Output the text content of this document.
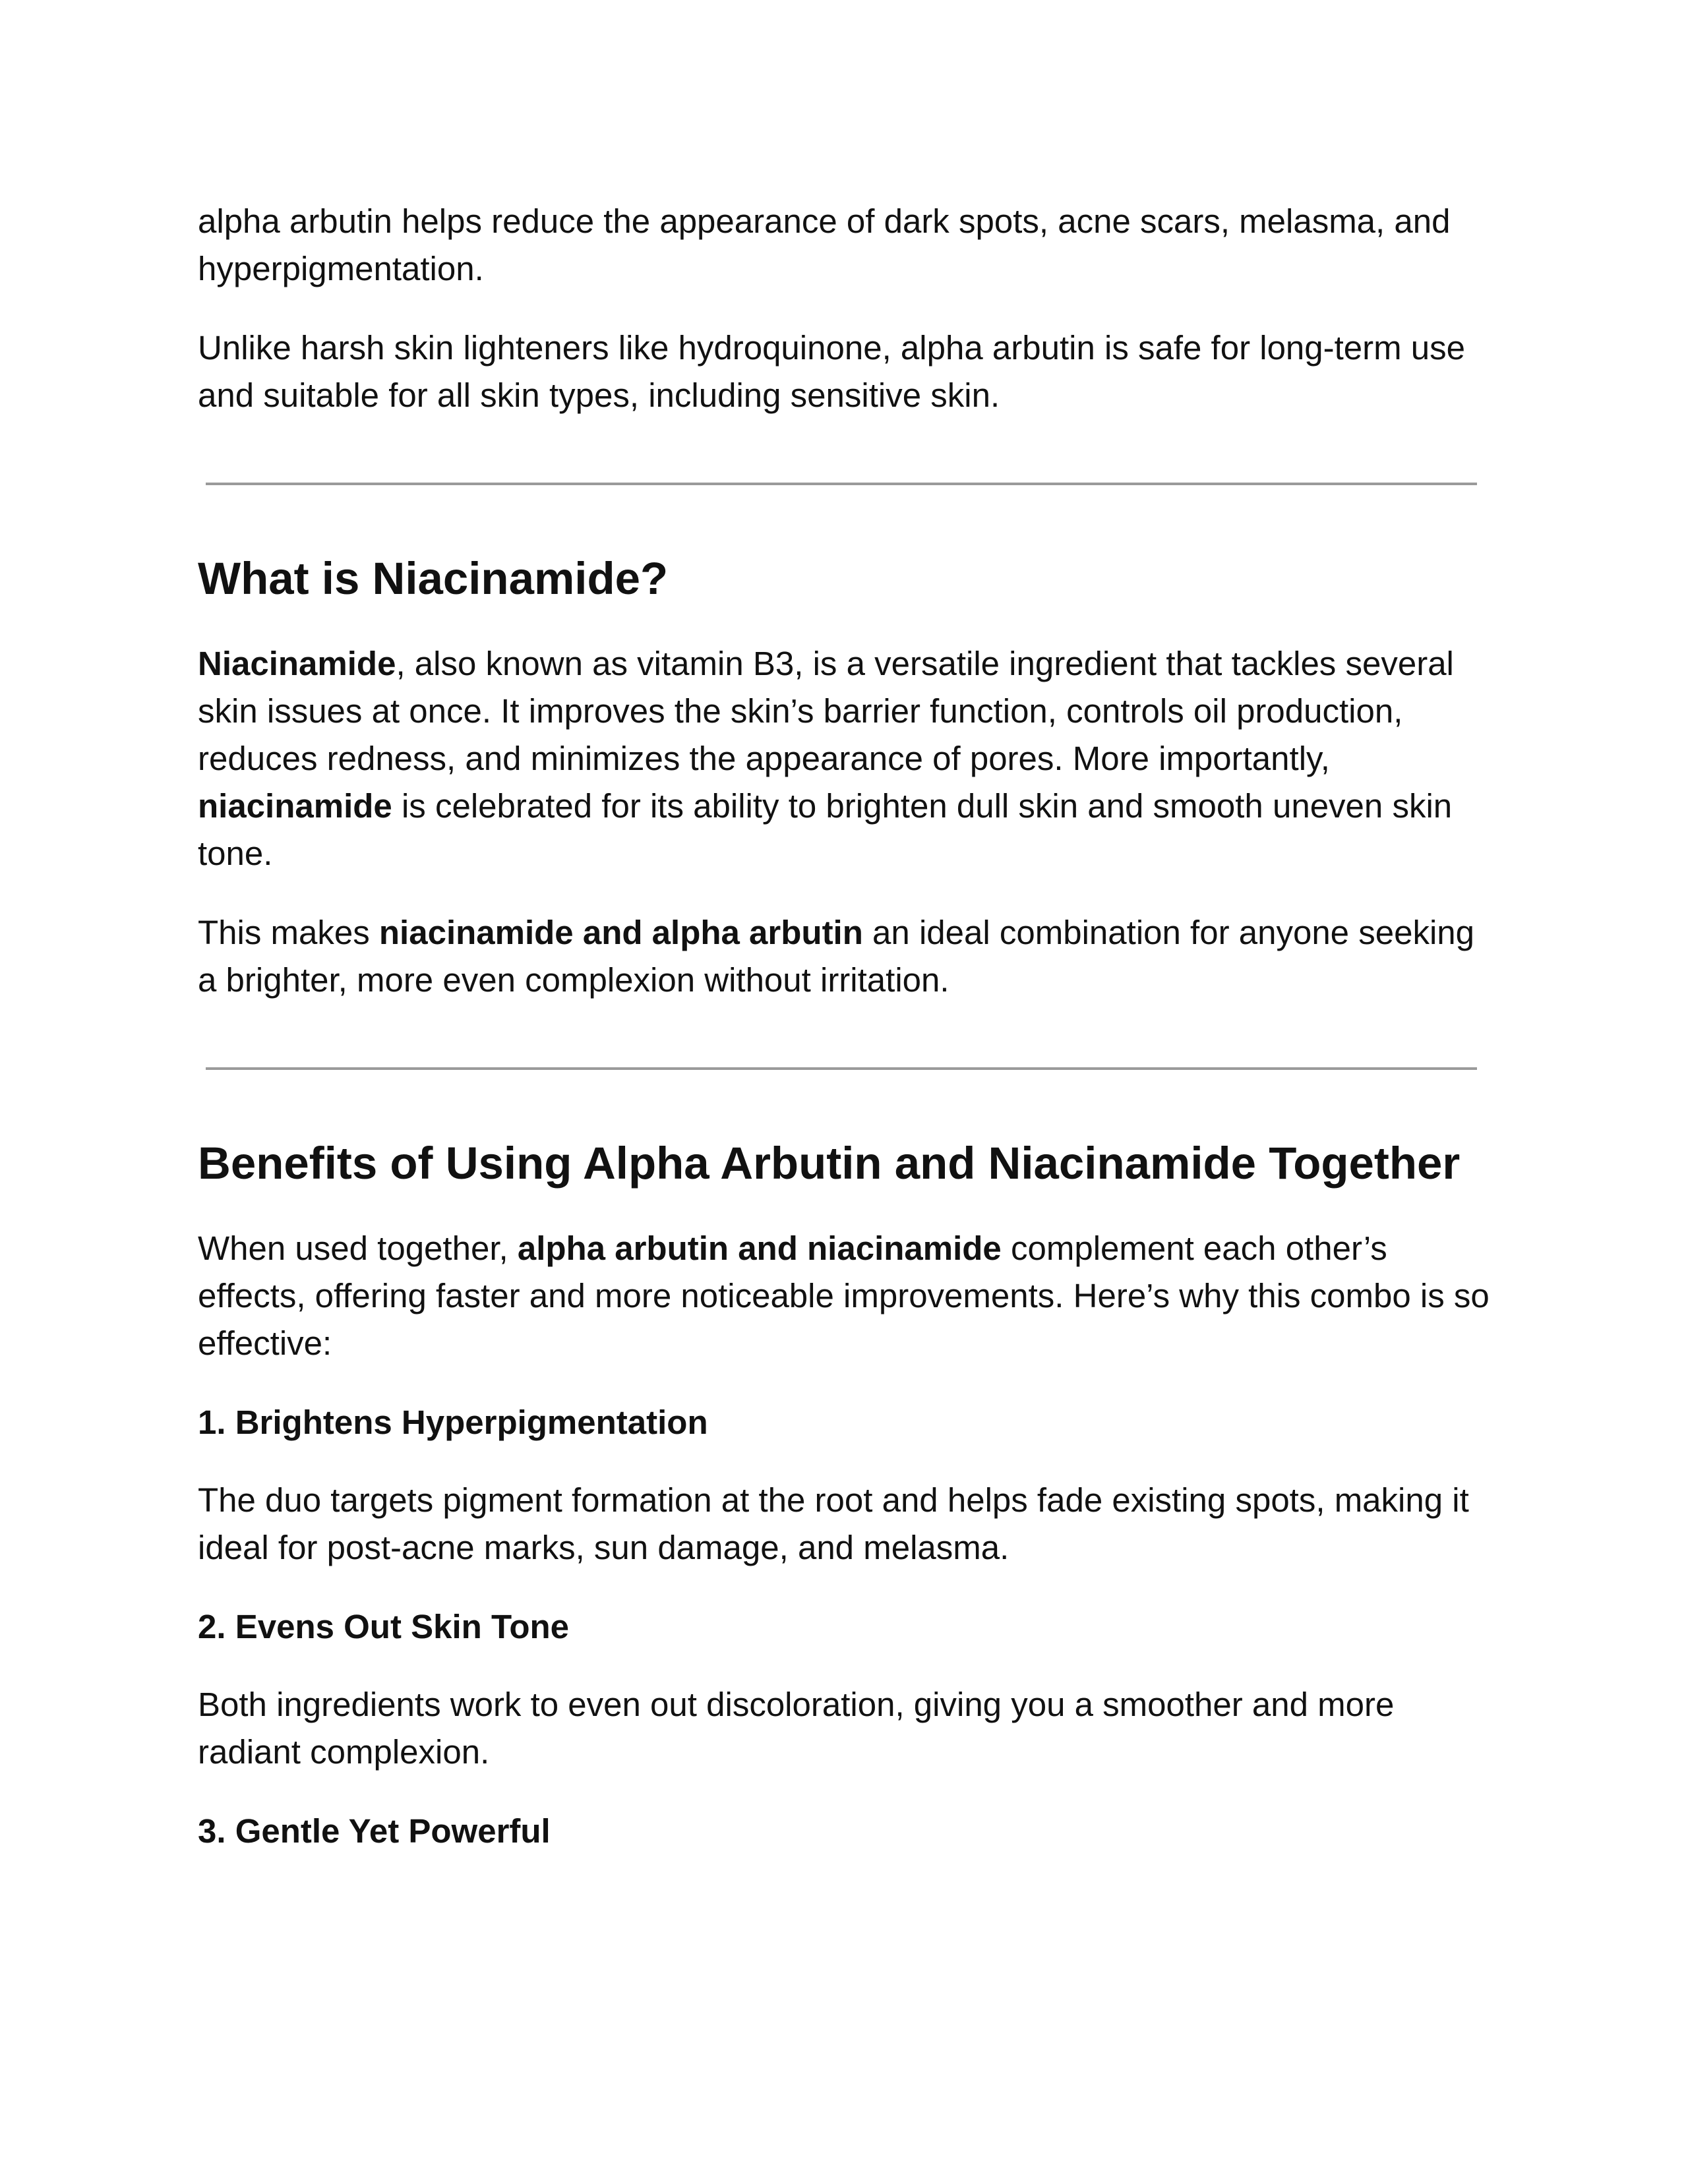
alpha arbutin helps reduce the appearance of dark spots, acne scars, melasma, and hyperpigmentation.

Unlike harsh skin lighteners like hydroquinone, alpha arbutin is safe for long-term use and suitable for all skin types, including sensitive skin.

What is Niacinamide?

Niacinamide, also known as vitamin B3, is a versatile ingredient that tackles several skin issues at once. It improves the skin’s barrier function, controls oil production, reduces redness, and minimizes the appearance of pores. More importantly, niacinamide is celebrated for its ability to brighten dull skin and smooth uneven skin tone.

This makes niacinamide and alpha arbutin an ideal combination for anyone seeking a brighter, more even complexion without irritation.

Benefits of Using Alpha Arbutin and Niacinamide Together

When used together, alpha arbutin and niacinamide complement each other’s effects, offering faster and more noticeable improvements. Here’s why this combo is so effective:

1. Brightens Hyperpigmentation

The duo targets pigment formation at the root and helps fade existing spots, making it ideal for post-acne marks, sun damage, and melasma.

2. Evens Out Skin Tone

Both ingredients work to even out discoloration, giving you a smoother and more radiant complexion.

3. Gentle Yet Powerful
